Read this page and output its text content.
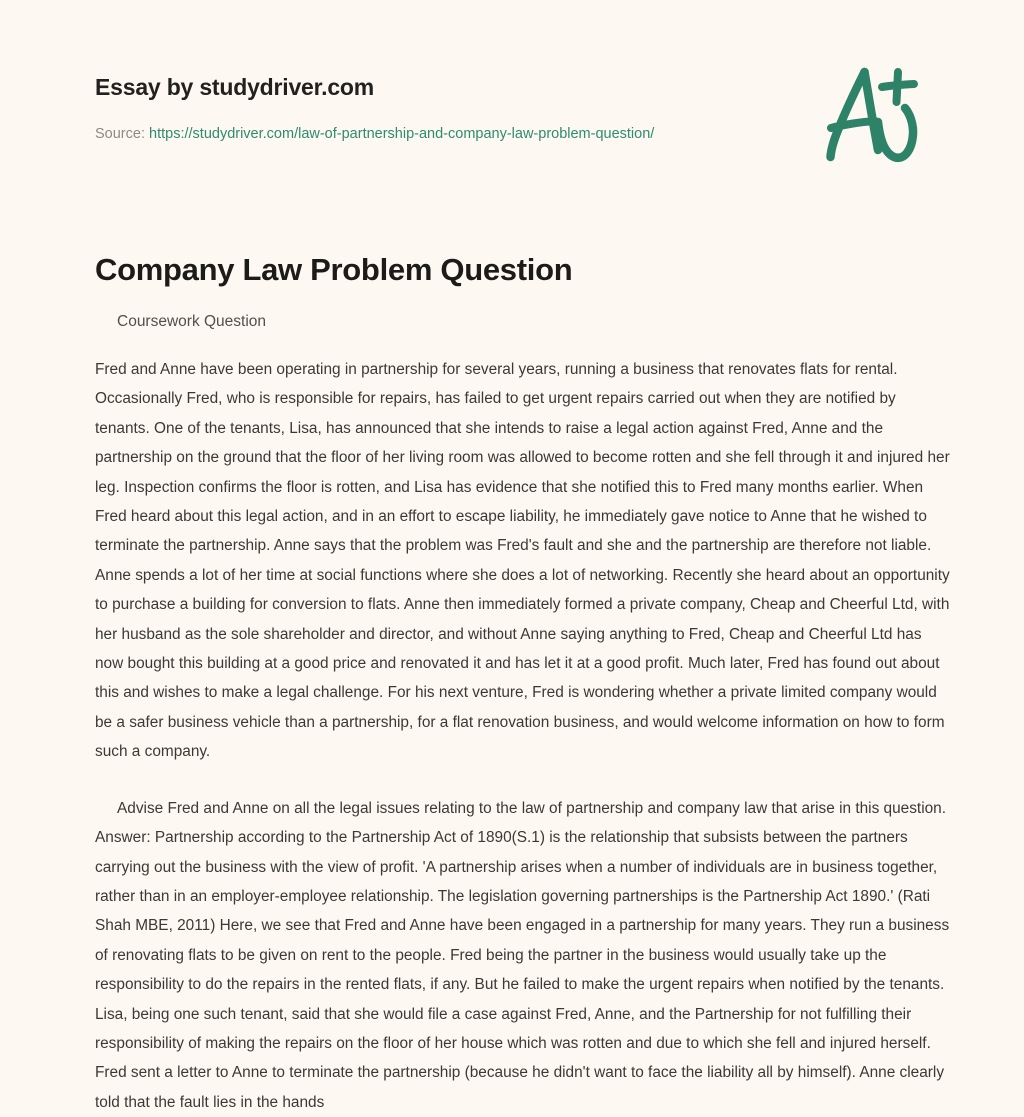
Essay by studydriver.com
Source: https://studydriver.com/law-of-partnership-and-company-law-problem-question/
Company Law Problem Question

Coursework Question

Fred and Anne have been operating in partnership for several years, running a business that renovates flats for rental. Occasionally Fred, who is responsible for repairs, has failed to get urgent repairs carried out when they are notified by tenants. One of the tenants, Lisa, has announced that she intends to raise a legal action against Fred, Anne and the partnership on the ground that the floor of her living room was allowed to become rotten and she fell through it and injured her leg. Inspection confirms the floor is rotten, and Lisa has evidence that she notified this to Fred many months earlier. When Fred heard about this legal action, and in an effort to escape liability, he immediately gave notice to Anne that he wished to terminate the partnership. Anne says that the problem was Fred's fault and she and the partnership are therefore not liable. Anne spends a lot of her time at social functions where she does a lot of networking. Recently she heard about an opportunity to purchase a building for conversion to flats. Anne then immediately formed a private company, Cheap and Cheerful Ltd, with her husband as the sole shareholder and director, and without Anne saying anything to Fred, Cheap and Cheerful Ltd has now bought this building at a good price and renovated it and has let it at a good profit. Much later, Fred has found out about this and wishes to make a legal challenge. For his next venture, Fred is wondering whether a private limited company would be a safer business vehicle than a partnership, for a flat renovation business, and would welcome information on how to form such a company.

Advise Fred and Anne on all the legal issues relating to the law of partnership and company law that arise in this question. Answer: Partnership according to the Partnership Act of 1890(S.1) is the relationship that subsists between the partners carrying out the business with the view of profit. 'A partnership arises when a number of individuals are in business together, rather than in an employer-employee relationship. The legislation governing partnerships is the Partnership Act 1890.' (Rati Shah MBE, 2011) Here, we see that Fred and Anne have been engaged in a partnership for many years. They run a business of renovating flats to be given on rent to the people. Fred being the partner in the business would usually take up the responsibility to do the repairs in the rented flats, if any. But he failed to make the urgent repairs when notified by the tenants. Lisa, being one such tenant, said that she would file a case against Fred, Anne, and the Partnership for not fulfilling their responsibility of making the repairs on the floor of her house which was rotten and due to which she fell and injured herself. Fred sent a letter to Anne to terminate the partnership (because he didn't want to face the liability all by himself). Anne clearly told that the fault lies in the hands
